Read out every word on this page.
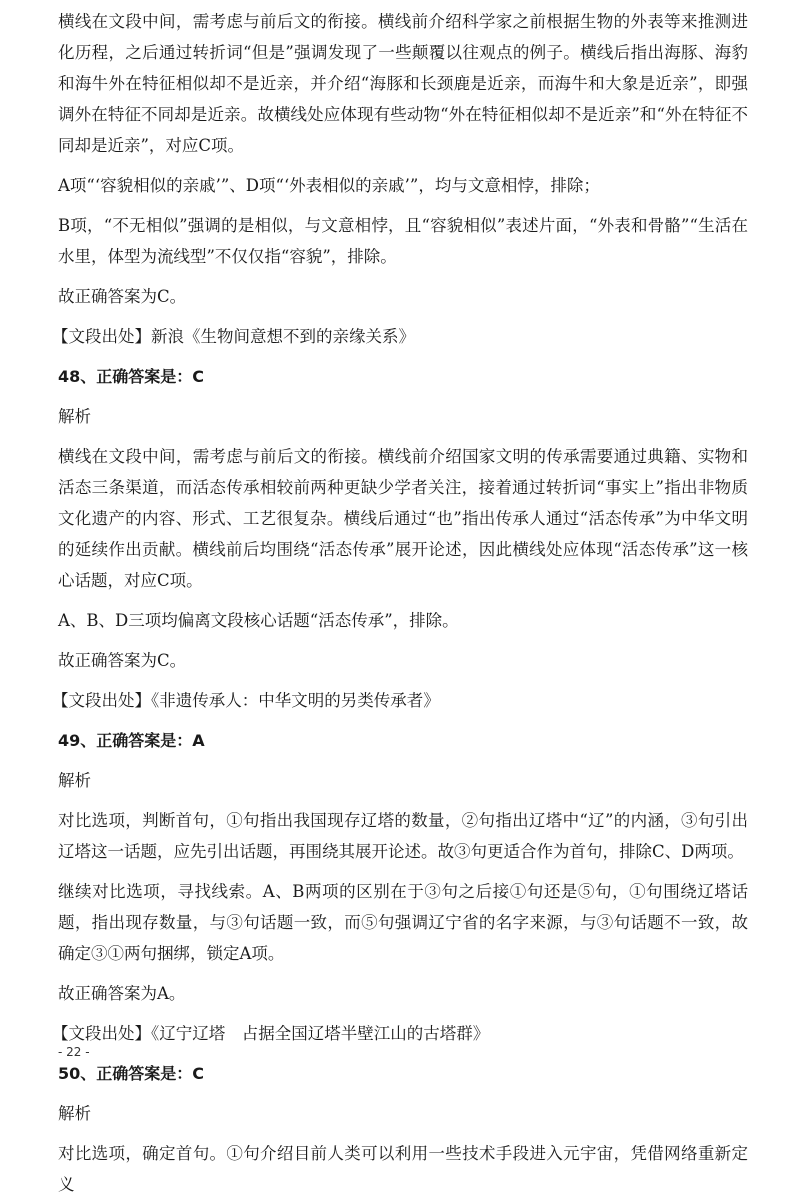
横线在文段中间，需考虑与前后文的衔接。横线前介绍科学家之前根据生物的外表等来推测进化历程，之后通过转折词“但是”强调发现了一些颠覆以往观点的例子。横线后指出海豚、海豹和海牛外在特征相似却不是近亲，并介绍“海豚和长颈鹿是近亲，而海牛和大象是近亲”，即强调外在特征不同却是近亲。故横线处应体现有些动物“外在特征相似却不是近亲”和“外在特征不同却是近亲”，对应C项。

A项“‘容貌相似的亲戚’”、D项“‘外表相似的亲戚’”，均与文意相悖，排除；

B项，“不无相似”强调的是相似，与文意相悖，且“容貌相似”表述片面，“外表和骨骼”“生活在水里，体型为流线型”不仅仅指“容貌”，排除。

故正确答案为C。

【文段出处】新浪《生物间意想不到的亲缘关系》

48、正确答案是：C

解析

横线在文段中间，需考虑与前后文的衔接。横线前介绍国家文明的传承需要通过典籍、实物和活态三条渠道，而活态传承相较前两种更缺少学者关注，接着通过转折词“事实上”指出非物质文化遗产的内容、形式、工艺很复杂。横线后通过“也”指出传承人通过“活态传承”为中华文明的延续作出贡献。横线前后均围绕“活态传承”展开论述，因此横线处应体现“活态传承”这一核心话题，对应C项。

A、B、D三项均偏离文段核心话题“活态传承”，排除。

故正确答案为C。

【文段出处】《非遗传承人：中华文明的另类传承者》

49、正确答案是：A

解析

对比选项，判断首句，①句指出我国现存辽塔的数量，②句指出辽塔中“辽”的内涵，③句引出辽塔这一话题，应先引出话题，再围绕其展开论述。故③句更适合作为首句，排除C、D两项。

继续对比选项，寻找线索。A、B两项的区别在于③句之后接①句还是⑤句，①句围绕辽塔话题，指出现存数量，与③句话题一致，而⑤句强调辽宁省的名字来源，与③句话题不一致，故确定③①两句捆绑，锁定A项。

故正确答案为A。

【文段出处】《辽宁辽塔　占据全国辽塔半壁江山的古塔群》

50、正确答案是：C

解析

对比选项，确定首句。①句介绍目前人类可以利用一些技术手段进入元宇宙，凭借网络重新定义

- 22 -
